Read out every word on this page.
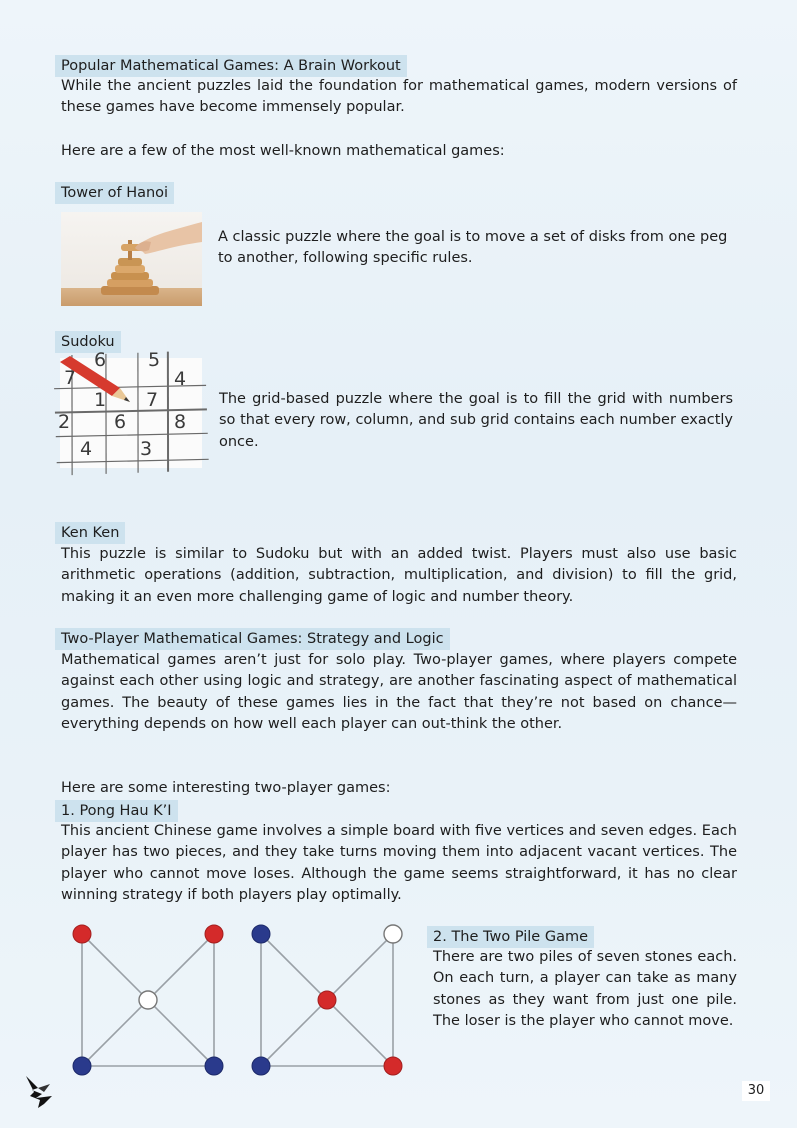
Popular Mathematical Games: A Brain Workout

While the ancient puzzles laid the foundation for mathematical games, modern versions of these games have become immensely popular.

Here are a few of the most well-known mathematical games:

Tower of Hanoi

A classic puzzle where the goal is to move a set of disks from one peg to another, following specific rules.

Sudoku
6 5
4
7
1 7
2 6	8
4	3

The grid-based puzzle where the goal is to fill the grid with numbers so that every row, column, and sub grid contains each number exactly once.

Ken Ken

This puzzle is similar to Sudoku but with an added twist. Players must also use basic arithmetic operations (addition, subtraction, multiplication, and division) to fill the grid, making it an even more challenging game of logic and number theory.

Two-Player Mathematical Games: Strategy and Logic

Mathematical games aren’t just for solo play. Two-player games, where players compete against each other using logic and strategy, are another fascinating aspect of mathematical games. The beauty of these games lies in the fact that they’re not based on chance—everything depends on how well each player can out-think the other.

Here are some interesting two-player games:

1. Pong Hau K’I

This ancient Chinese game involves a simple board with five vertices and seven edges. Each player has two pieces, and they take turns moving them into adjacent vacant vertices. The player who cannot move loses. Although the game seems straightforward, it has no clear winning strategy if both players play optimally.

2. The Two Pile Game

There are two piles of seven stones each. On each turn, a player can take as many stones as they want from just one pile. The loser is the player who cannot move.

30
